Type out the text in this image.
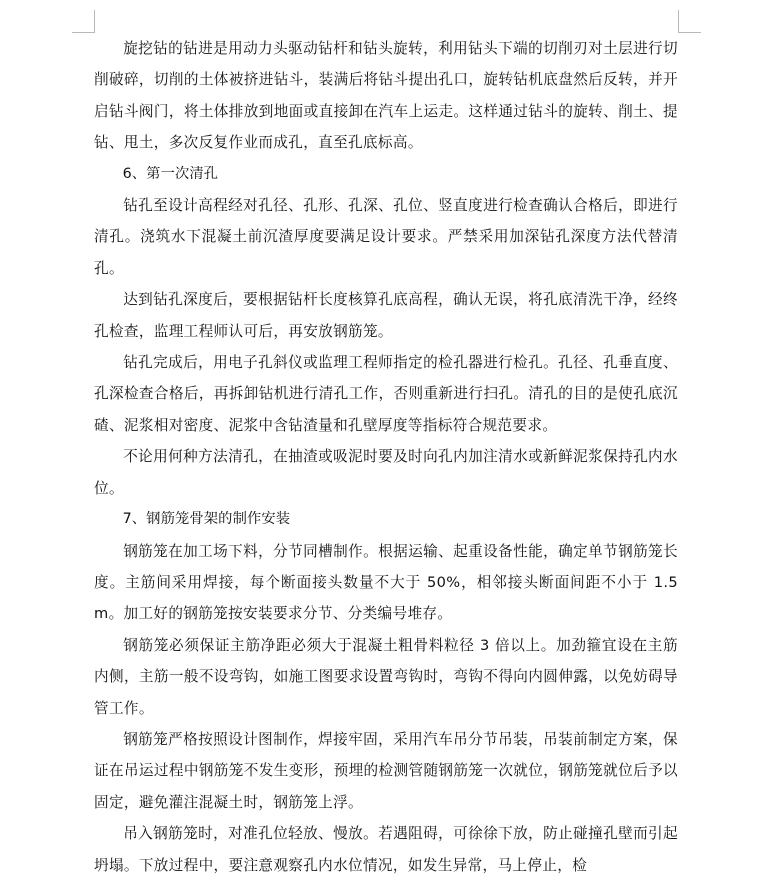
旋挖钻的钻进是用动力头驱动钻杆和钻头旋转，利用钻头下端的切削刃对土层进行切削破碎，切削的土体被挤进钻斗，装满后将钻斗提出孔口，旋转钻机底盘然后反转，并开启钻斗阀门，将土体排放到地面或直接卸在汽车上运走。这样通过钻斗的旋转、削土、提钻、甩土，多次反复作业而成孔，直至孔底标高。

6、第一次清孔

钻孔至设计高程经对孔径、孔形、孔深、孔位、竖直度进行检查确认合格后，即进行清孔。浇筑水下混凝土前沉渣厚度要满足设计要求。严禁采用加深钻孔深度方法代替清孔。

达到钻孔深度后，要根据钻杆长度核算孔底高程，确认无误，将孔底清洗干净，经终孔检查，监理工程师认可后，再安放钢筋笼。

钻孔完成后，用电子孔斜仪或监理工程师指定的检孔器进行检孔。孔径、孔垂直度、孔深检查合格后，再拆卸钻机进行清孔工作，否则重新进行扫孔。清孔的目的是使孔底沉碴、泥浆相对密度、泥浆中含钻渣量和孔壁厚度等指标符合规范要求。

不论用何种方法清孔，在抽渣或吸泥时要及时向孔内加注清水或新鲜泥浆保持孔内水位。

7、钢筋笼骨架的制作安装

钢筋笼在加工场下料，分节同槽制作。根据运输、起重设备性能，确定单节钢筋笼长度。主筋间采用焊接，每个断面接头数量不大于 50%，相邻接头断面间距不小于 1.5m。加工好的钢筋笼按安装要求分节、分类编号堆存。

钢筋笼必须保证主筋净距必须大于混凝土粗骨料粒径 3 倍以上。加劲箍宜设在主筋内侧，主筋一般不设弯钩，如施工图要求设置弯钩时，弯钩不得向内圆伸露，以免妨碍导管工作。

钢筋笼严格按照设计图制作，焊接牢固，采用汽车吊分节吊装，吊装前制定方案，保证在吊运过程中钢筋笼不发生变形，预埋的检测管随钢筋笼一次就位，钢筋笼就位后予以固定，避免灌注混凝土时，钢筋笼上浮。

吊入钢筋笼时，对准孔位轻放、慢放。若遇阻碍，可徐徐下放，防止碰撞孔壁而引起坍塌。下放过程中，要注意观察孔内水位情况，如发生异常，马上停止，检
